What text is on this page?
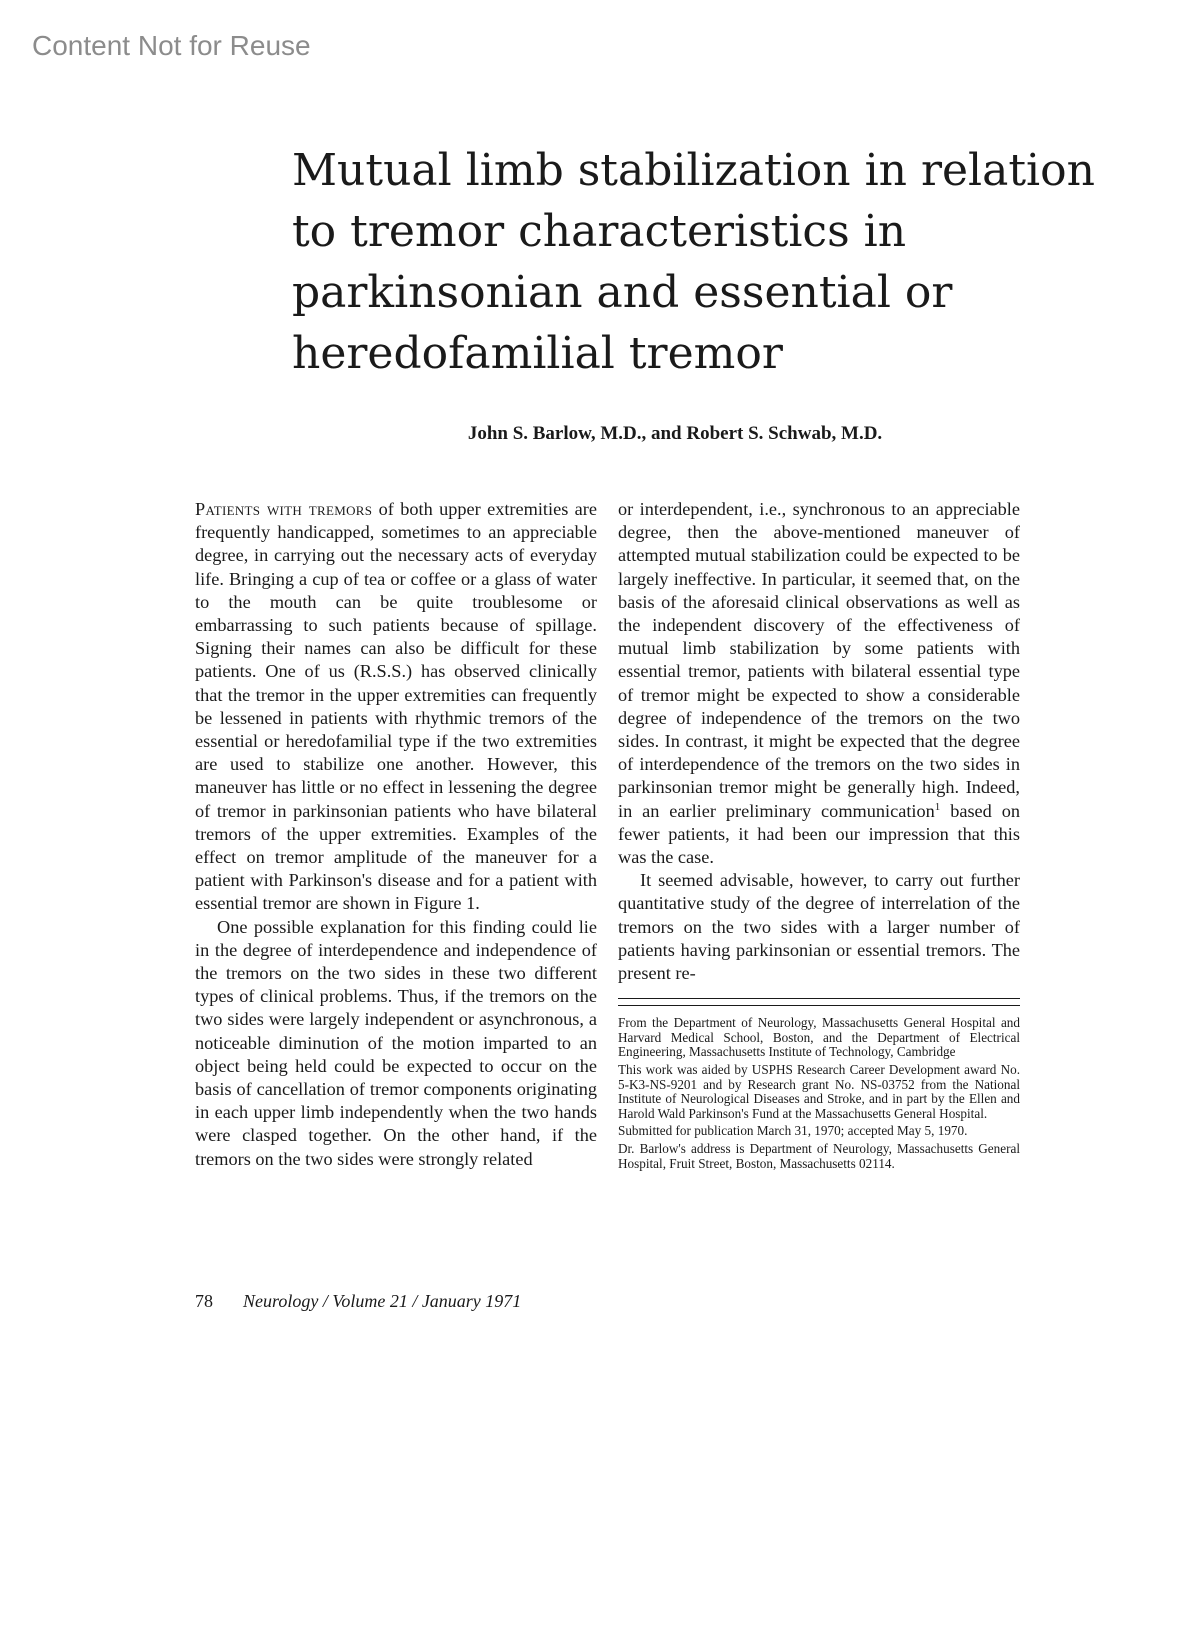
Content Not for Reuse
Mutual limb stabilization in relation
to tremor characteristics in
parkinsonian and essential or
heredofamilial tremor
John S. Barlow, M.D., and Robert S. Schwab, M.D.

Patients with tremors of both upper extremities are frequently handicapped, sometimes to an appreciable degree, in carrying out the necessary acts of everyday life. Bringing a cup of tea or coffee or a glass of water to the mouth can be quite troublesome or embarrassing to such patients because of spillage. Signing their names can also be difficult for these patients. One of us (R.S.S.) has observed clinically that the tremor in the upper extremities can frequently be lessened in patients with rhythmic tremors of the essential or heredofamilial type if the two extremities are used to stabilize one another. However, this maneuver has little or no effect in lessening the degree of tremor in parkinsonian patients who have bilateral tremors of the upper extremities. Examples of the effect on tremor amplitude of the maneuver for a patient with Parkinson's disease and for a patient with essential tremor are shown in Figure 1.

One possible explanation for this finding could lie in the degree of interdependence and independence of the tremors on the two sides in these two different types of clinical problems. Thus, if the tremors on the two sides were largely independent or asynchronous, a noticeable diminution of the motion imparted to an object being held could be expected to occur on the basis of cancellation of tremor components originating in each upper limb independently when the two hands were clasped together. On the other hand, if the tremors on the two sides were strongly related

or interdependent, i.e., synchronous to an appreciable degree, then the above-mentioned maneuver of attempted mutual stabilization could be expected to be largely ineffective. In particular, it seemed that, on the basis of the aforesaid clinical observations as well as the independent discovery of the effectiveness of mutual limb stabilization by some patients with essential tremor, patients with bilateral essential type of tremor might be expected to show a considerable degree of independence of the tremors on the two sides. In contrast, it might be expected that the degree of interdependence of the tremors on the two sides in parkinsonian tremor might be generally high. Indeed, in an earlier preliminary communication$^1$ based on fewer patients, it had been our impression that this was the case.

It seemed advisable, however, to carry out further quantitative study of the degree of interrelation of the tremors on the two sides with a larger number of patients having parkinsonian or essential tremors. The present re-

From the Department of Neurology, Massachusetts General Hospital and Harvard Medical School, Boston, and the Department of Electrical Engineering, Massachusetts Institute of Technology, Cambridge

This work was aided by USPHS Research Career Development award No. 5-K3-NS-9201 and by Research grant No. NS-03752 from the National Institute of Neurological Diseases and Stroke, and in part by the Ellen and Harold Wald Parkinson's Fund at the Massachusetts General Hospital.

Submitted for publication March 31, 1970; accepted May 5, 1970.

Dr. Barlow's address is Department of Neurology, Massachusetts General Hospital, Fruit Street, Boston, Massachusetts 02114.

78 Neurology / Volume 21 / January 1971
